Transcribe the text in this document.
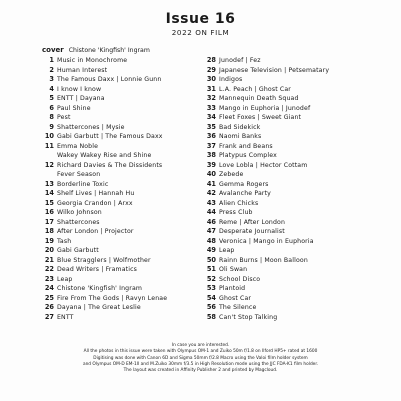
Issue 16
2022 ON FILM
cover Chistone 'Kingfish' Ingram
1 Music in Monochrome
2 Human Interest
3 The Famous Daxx | Lonnie Gunn
4 I know I know
5 ENTT | Dayana
6 Paul Shine
8 Pest
9 Shattercones | Mysie
10 Gabi Garbutt | The Famous Daxx
11 Emma Noble
Wakey Wakey Rise and Shine
12 Richard Davies & The Dissidents
Fever Season
13 Borderline Toxic
14 Shelf Lives | Hannah Hu
15 Georgia Crandon | Arxx
16 Wilko Johnson
17 Shattercones
18 After London | Projector
19 Tash
20 Gabi Garbutt
21 Blue Stragglers | Wolfmother
22 Dead Writers | Framatics
23 Leap
24 Chistone 'Kingfish' Ingram
25 Fire From The Gods | Ravyn Lenae
26 Dayana | The Great Leslie
27 ENTT
28 Junodef | Fez
29 Japanese Television | Petsematary
30 Indigos
31 L.A. Peach | Ghost Car
32 Mannequin Death Squad
33 Mango in Euphoria | Junodef
34 Fleet Foxes | Sweet Giant
35 Bad Sidekick
36 Naomi Banks
37 Frank and Beans
38 Platypus Complex
39 Love Lobla | Hector Cottam
40 Zebede
41 Gemma Rogers
42 Avalanche Party
43 Alien Chicks
44 Press Club
46 Reme | After London
47 Desperate Journalist
48 Veronica | Mango in Euphoria
49 Leap
50 Rainn Burns | Moon Balloon
51 Oli Swan
52 School Disco
53 Plantoid
54 Ghost Car
56 The Silence
58 Can't Stop Talking
In case you are interested.
All the photos in this issue were taken with Olympus OM-1 and Zuiko 50m f/1.8 on Ilford HP5+ rated at 1600
Digitising was done with Canon 6D and Sigma 50mm f/2.8 Macro using the Valoi film holder system
and Olympus OM-D EM-1II and M.Zuiko 30mm f/3.5 in High Resolution mode using the JJC FDA-K1 film holder.
The layout was created in Affinity Publisher 2 and printed by Magcloud.
